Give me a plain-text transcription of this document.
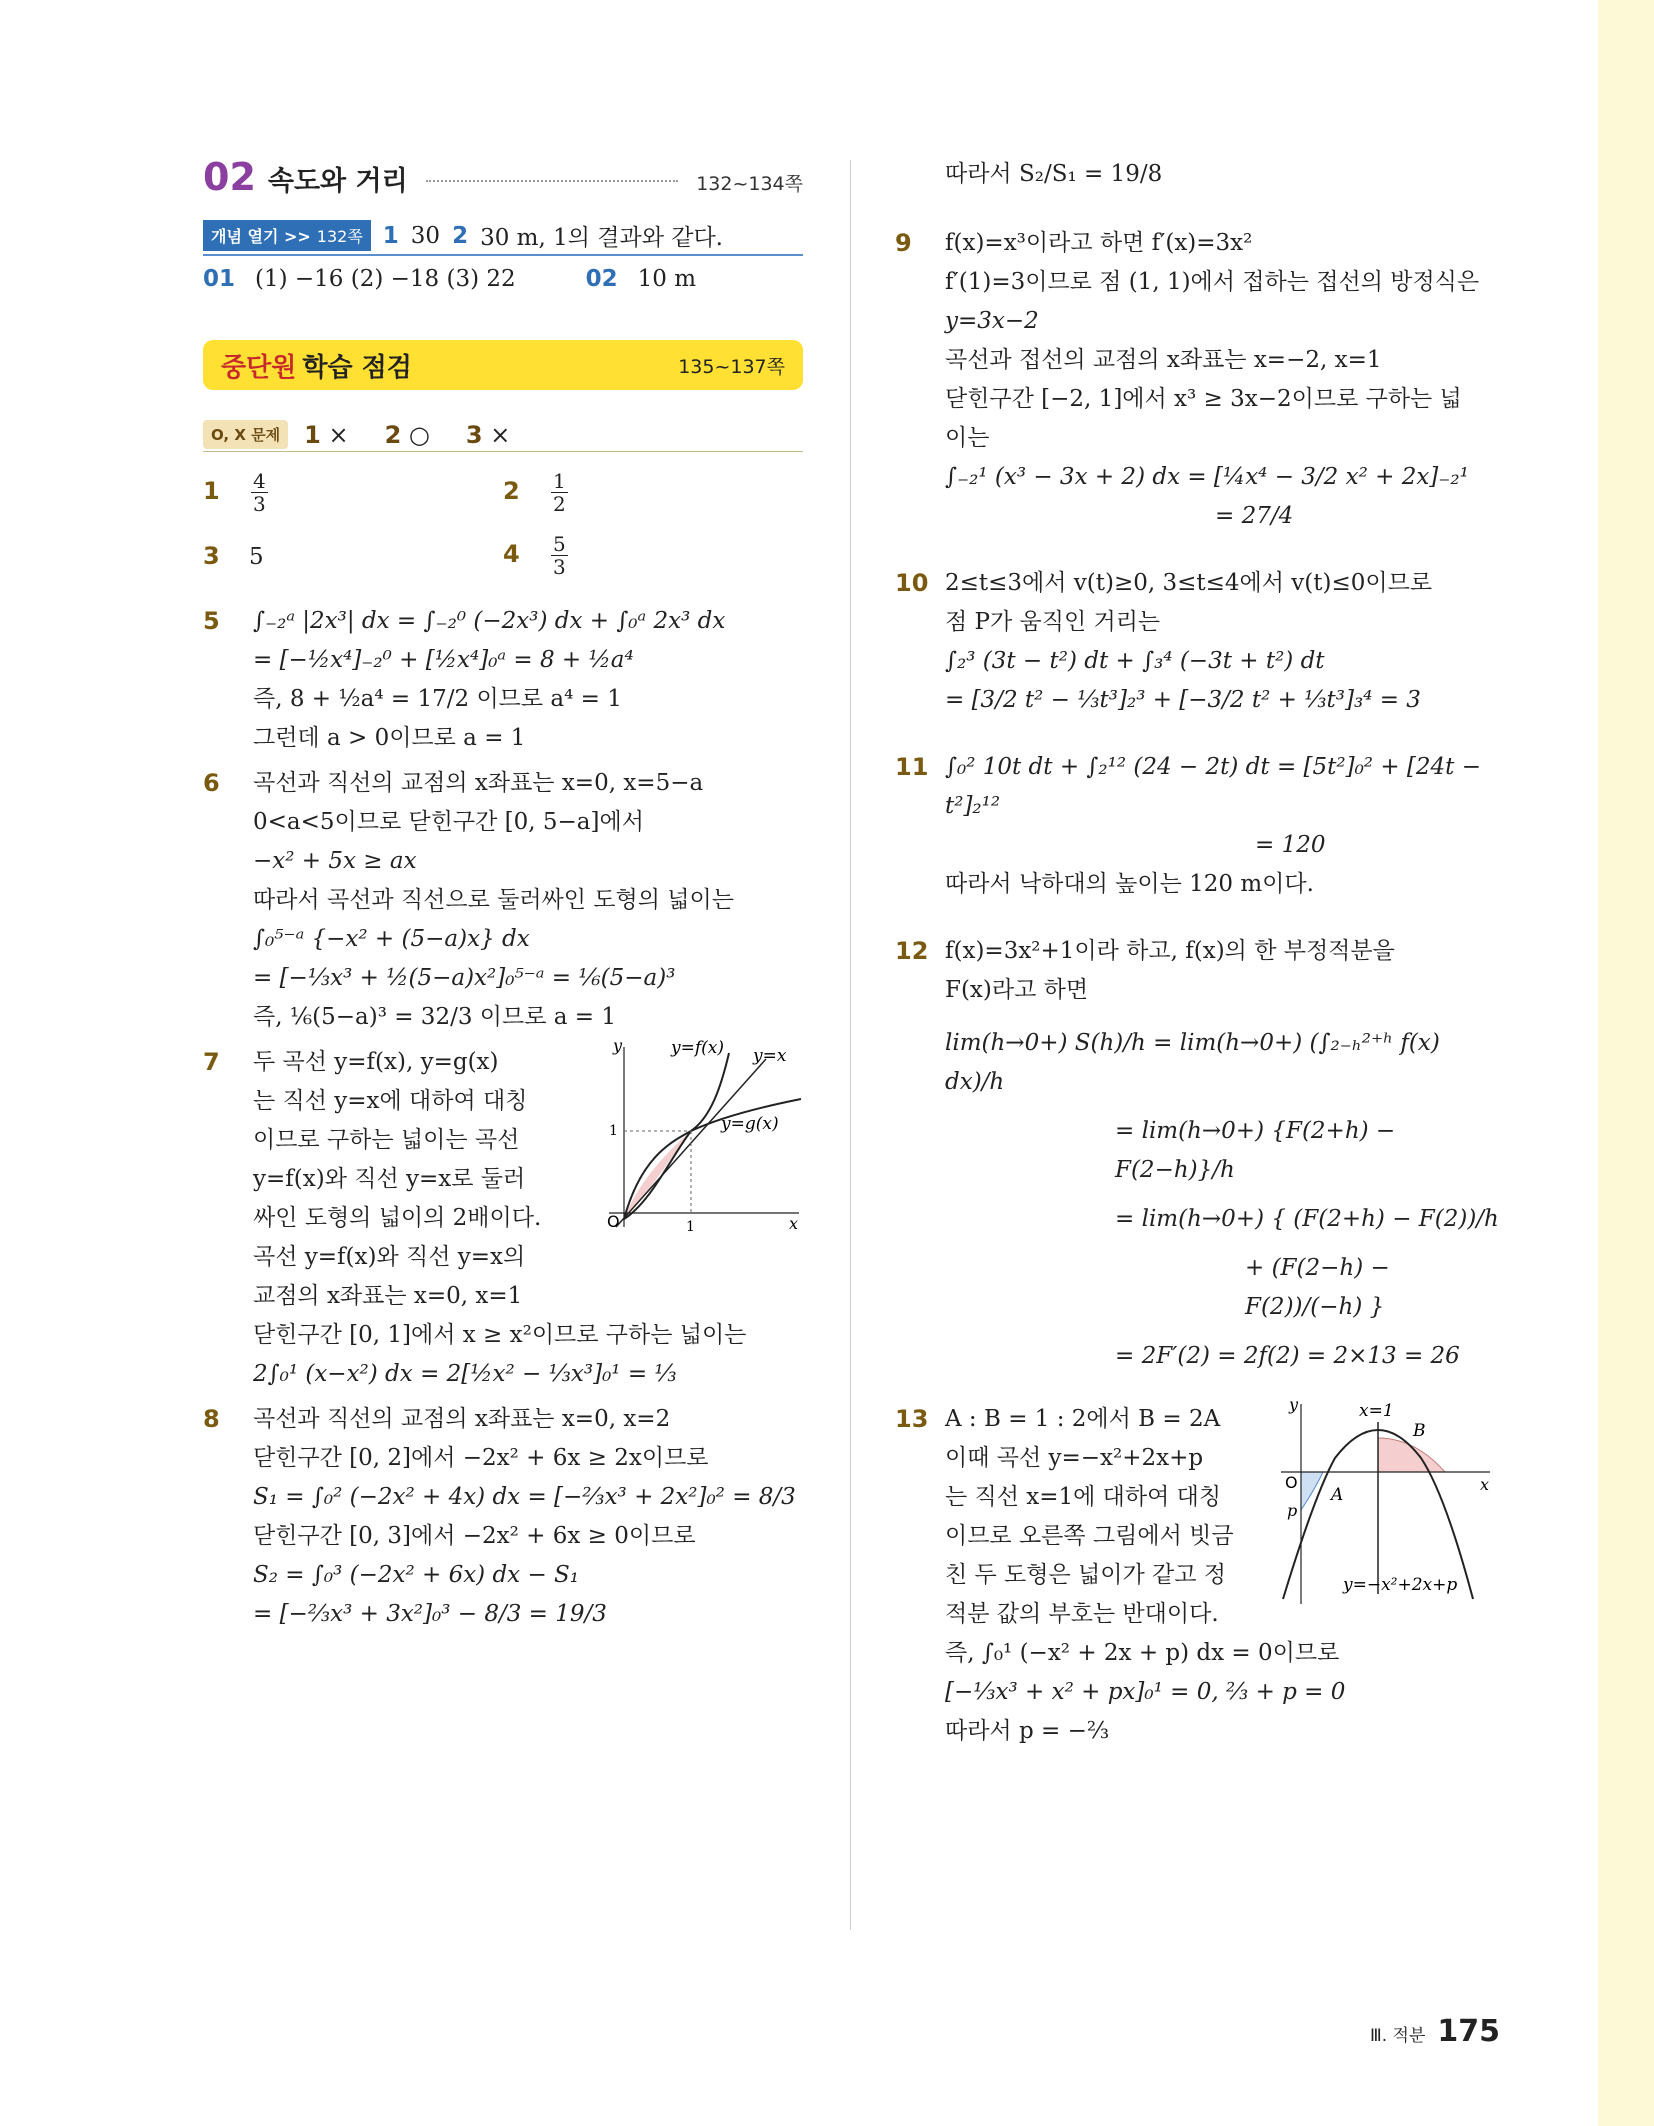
02 속도와 거리	132~134쪽
개념 열기 >> 132쪽 1 30 2 30 m, 1의 결과와 같다.
01 (1) −16 (2) −18 (3) 22	02 10 m
중단원 학습 점검	135~137쪽
O, X 문제	1 × 2 ○ 3 ×
$1 \frac{4}{3}$	$2 \frac{1}{2}$
3 5	$4 \frac{5}{3}$
5	∫₋₂ᵃ |2x³| dx = ∫₋₂⁰ (−2x³) dx + ∫₀ᵃ 2x³ dx

= [−½x⁴]₋₂⁰ + [½x⁴]₀ᵃ = 8 + ½a⁴

즉, 8 + ½a⁴ = 17/2 이므로 a⁴ = 1

그런데 a > 0이므로 a = 1

6	곡선과 직선의 교점의 x좌표는 x=0, x=5−a

0<a<5이므로 닫힌구간 [0, 5−a]에서

−x² + 5x ≥ ax

따라서 곡선과 직선으로 둘러싸인 도형의 넓이는

∫₀⁵⁻ᵃ {−x² + (5−a)x} dx

= [−⅓x³ + ½(5−a)x²]₀⁵⁻ᵃ = ⅙(5−a)³

즉, ⅙(5−a)³ = 32/3 이므로 a = 1

7	두 곡선 y=f(x), y=g(x)

는 직선 y=x에 대하여 대칭

이므로 구하는 넓이는 곡선

y=f(x)와 직선 y=x로 둘러

싸인 도형의 넓이의 2배이다.

곡선 y=f(x)와 직선 y=x의

교점의 x좌표는 x=0, x=1

닫힌구간 [0, 1]에서 x ≥ x²이므로 구하는 넓이는

2∫₀¹ (x−x²) dx = 2[½x² − ⅓x³]₀¹ = ⅓

O	1
1
x
y	y=f(x) y=x
y=g(x)
8	곡선과 직선의 교점의 x좌표는 x=0, x=2

닫힌구간 [0, 2]에서 −2x² + 6x ≥ 2x이므로

S₁ = ∫₀² (−2x² + 4x) dx = [−⅔x³ + 2x²]₀² = 8/3

닫힌구간 [0, 3]에서 −2x² + 6x ≥ 0이므로

S₂ = ∫₀³ (−2x² + 6x) dx − S₁

= [−⅔x³ + 3x²]₀³ − 8/3 = 19/3

따라서 S₂/S₁ = 19/8

9	f(x)=x³이라고 하면 f′(x)=3x²

f′(1)=3이므로 점 (1, 1)에서 접하는 접선의 방정식은

y=3x−2

곡선과 접선의 교점의 x좌표는 x=−2, x=1

닫힌구간 [−2, 1]에서 x³ ≥ 3x−2이므로 구하는 넓

이는

∫₋₂¹ (x³ − 3x + 2) dx = [¼x⁴ − 3/2 x² + 2x]₋₂¹

= 27/4

10 2≤t≤3에서 v(t)≥0, 3≤t≤4에서 v(t)≤0이므로

점 P가 움직인 거리는

∫₂³ (3t − t²) dt + ∫₃⁴ (−3t + t²) dt

= [3/2 t² − ⅓t³]₂³ + [−3/2 t² + ⅓t³]₃⁴ = 3

11 ∫₀² 10t dt + ∫₂¹² (24 − 2t) dt = [5t²]₀² + [24t − t²]₂¹²

= 120

따라서 낙하대의 높이는 120 m이다.

12 f(x)=3x²+1이라 하고, f(x)의 한 부정적분을

F(x)라고 하면

lim(h→0+) S(h)/h = lim(h→0+) (∫₂₋ₕ²⁺ʰ f(x) dx)/h

= lim(h→0+) {F(2+h) − F(2−h)}/h

= lim(h→0+) { (F(2+h) − F(2))/h

+ (F(2−h) − F(2))/(−h) }

= 2F′(2) = 2f(2) = 2×13 = 26

13 A : B = 1 : 2에서 B = 2A

이때 곡선 y=−x²+2x+p

는 직선 x=1에 대하여 대칭

이므로 오른쪽 그림에서 빗금

친 두 도형은 넓이가 같고 정

적분 값의 부호는 반대이다.

즉, ∫₀¹ (−x² + 2x + p) dx = 0이므로

[−⅓x³ + x² + px]₀¹ = 0, ⅔ + p = 0

따라서 p = −⅔

O
p
x
y	x=1
B
A
y=−x²+2x+p
Ⅲ. 적분 175
